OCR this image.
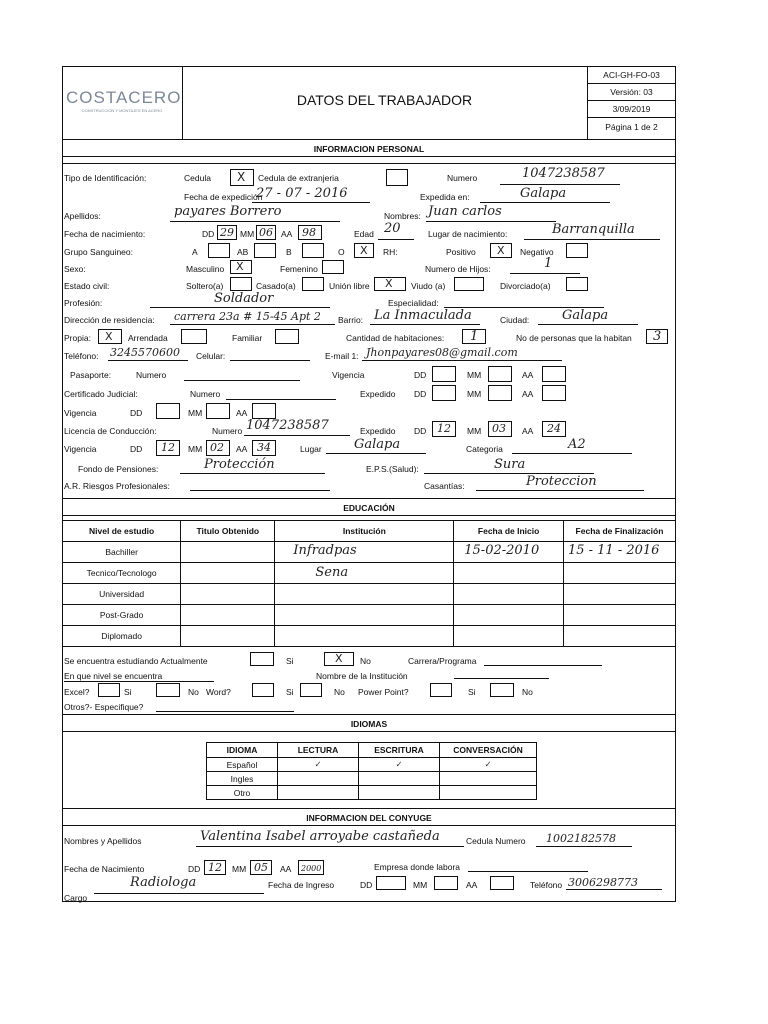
COSTACERO
CONSTRUCCIÓN Y MONTAJES EN ACERO
DATOS DEL TRABAJADOR
ACI-GH-FO-03
Versión: 03
3/09/2019
Página 1 de 2
INFORMACION PERSONAL
Tipo de Identificación:	Cedula X Cedula de extranjeria	Numero	1047238587
Fecha de expedición
27 - 07 - 2016	Expedida en:	Galapa
Apellidos:	payares Borrero	Nombres: Juan carlos
Fecha de nacimiento:	DD 29 MM 06 AA 98	Edad 20	Lugar de nacimiento:	Barranquilla
Grupo Sanguineo:	A	AB	B	O X RH:	Positivo X Negativo
Sexo:	Masculino X	Femenino	Numero de Hijos:	1
Estado civil:	Soltero(a)	Casado(a)	Unión libre X Viudo (a)	Divorciado(a)
Profesión:	Soldador	Especialidad:
Dirección de residencia: carrera 23a # 15-45 Apt 2 Barrio: La Inmaculada	Ciudad:	Galapa
Propia: X Arrendada	Familiar	Cantidad de habitaciones: 1	No de personas que la habitan 3
Teléfono: 3245570600 Celular:	E-mail 1: Jhonpayares08@gmail.com
Pasaporte:	Numero	Vigencia	DD	MM	AA
Certificado Judicial:	Numero	Expedido DD	MM	AA
Vigencia	DD	MM	AA
Licencia de Conducción:	Numero 1047238587	Expedido DD 12 MM 03 AA 24
Vigencia	DD 12 MM 02 AA 34	Lugar Galapa	Categoria	A2
Fondo de Pensiones:	Protección	E.P.S.(Salud):	Sura
A.R. Riesgos Profesionales:	Casantías:	Proteccion
EDUCACIÓN
Nivel de estudio	Titulo Obtenido	Institución	Fecha de Inicio	Fecha de Finalización
Bachiller		Infradpas	15-02-2010	15 - 11 - 2016

Tecnico/Tecnologo		Sena		

Universidad				
Post-Grado				
Diplomado				
Se encuentra estudiando Actualmente	Si	X No	Carrera/Programa
En que nivel se encuentra	Nombre de la Institución
Excel?	Si	No Word?	Si	No Power Point?	Si	No
Otros?- Especifique?
IDIOMAS
IDIOMA	LECTURA	ESCRITURA	CONVERSACIÓN
Español	✓	✓	✓
Ingles			
Otro			
INFORMACION DEL CONYUGE
Nombres y Apellidos	Valentina Isabel arroyabe castañeda	Cedula Numero 1002182578
Fecha de Nacimiento	DD 12 MM 05 AA 2000	Empresa donde labora
Radiologa	Fecha de Ingreso	DD	MM	AA	Teléfono 3006298773
Cargo
